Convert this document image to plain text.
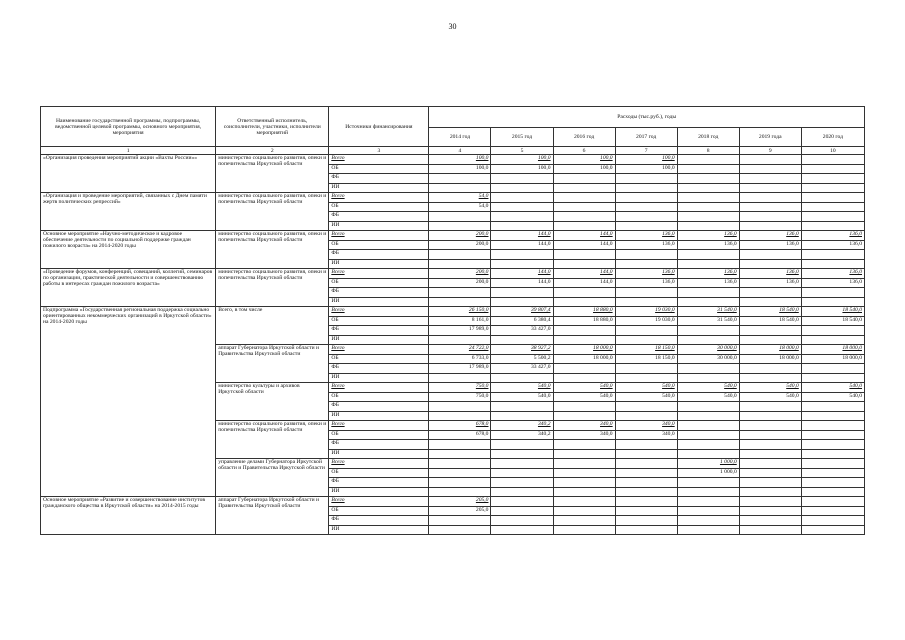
30
Наименование государственной программы, подпрограммы, ведомственной целевой программы, основного мероприятия, мероприятия	Ответственный исполнитель, соисполнители, участники, исполнители мероприятий	Источники финансирования	Расходы (тыс.руб.), годы						
			2014 год	2015 год	2016 год	2017 год	2018 год	2019 года	2020 год
1	2	3	4	5	6	7	8	9	10
«Организация проведения мероприятий акции «Вахты России»»	министерство социального развития, опеки и попечительства Иркутской области	Всего	100,0	100,0	100,0	100,0			
		ОБ	100,0	100,0	100,0	100,0			
		ФБ							
		ИИ							
«Организация и проведение мероприятий, связанных с Днем памяти жертв политических репрессий»	министерство социального развития, опеки и попечительства Иркутской области	Всего	54,0						
		ОБ	54,0						
		ФБ							
		ИИ							
Основное мероприятие «Научно-методическое и кадровое обеспечение деятельности по социальной поддержке граждан пожилого возраста» на 2014-2020 годы	министерство социального развития, опеки и попечительства Иркутской области	Всего	200,0	144,0	144,0	136,0	136,0	136,0	136,0
		ОБ	200,0	144,0	144,0	136,0	136,0	136,0	136,0
		ФБ							
		ИИ							
«Проведение форумов, конференций, совещаний, коллегий, семинаров по организации, практической деятельности и совершенствованию работы в интересах граждан пожилого возраста»	министерство социального развития, опеки и попечительства Иркутской области	Всего	200,0	144,0	144,0	136,0	136,0	136,0	136,0
		ОБ	200,0	144,0	144,0	136,0	136,0	136,0	136,0
		ФБ							
		ИИ							
Подпрограмма «Государственная региональная поддержка социально ориентированных некоммерческих организаций в Иркутской области» на 2014-2020 годы	Всего, в том числе	Всего	26 150,0	39 807,4	18 880,0	19 030,0	31 540,0	18 540,0	18 540,0
		ОБ	8 161,0	6 380,4	18 880,0	19 030,0	31 540,0	18 540,0	18 540,0
		ФБ	17 989,0	33 427,0					
		ИИ							
	аппарат Губернатора Иркутской области и Правительства Иркутской области	Всего	24 722,0	38 927,2	18 000,0	18 150,0	30 000,0	18 000,0	18 000,0
		ОБ	6 733,0	5 500,2	18 000,0	18 150,0	30 000,0	18 000,0	18 000,0
		ФБ	17 989,0	33 427,0					
		ИИ							
	министерство культуры и архивов Иркутской области	Всего	750,0	540,0	540,0	540,0	540,0	540,0	540,0
		ОБ	750,0	540,0	540,0	540,0	540,0	540,0	540,0
		ФБ							
		ИИ							
	министерство социального развития, опеки и попечительства Иркутской области	Всего	678,0	340,2	340,0	340,0			
		ОБ	678,0	340,2	340,0	340,0			
		ФБ							
		ИИ							
	управление делами Губернатора Иркутской области и Правительства Иркутской области	Всего					1 000,0		
		ОБ					1 000,0		
		ФБ							
		ИИ							
Основное мероприятие «Развитие и совершенствование институтов гражданского общества в Иркутской области» на 2014-2015 годы	аппарат Губернатора Иркутской области и Правительства Иркутской области	Всего	205,0						
		ОБ	205,0						
		ФБ							
		ИИ							
